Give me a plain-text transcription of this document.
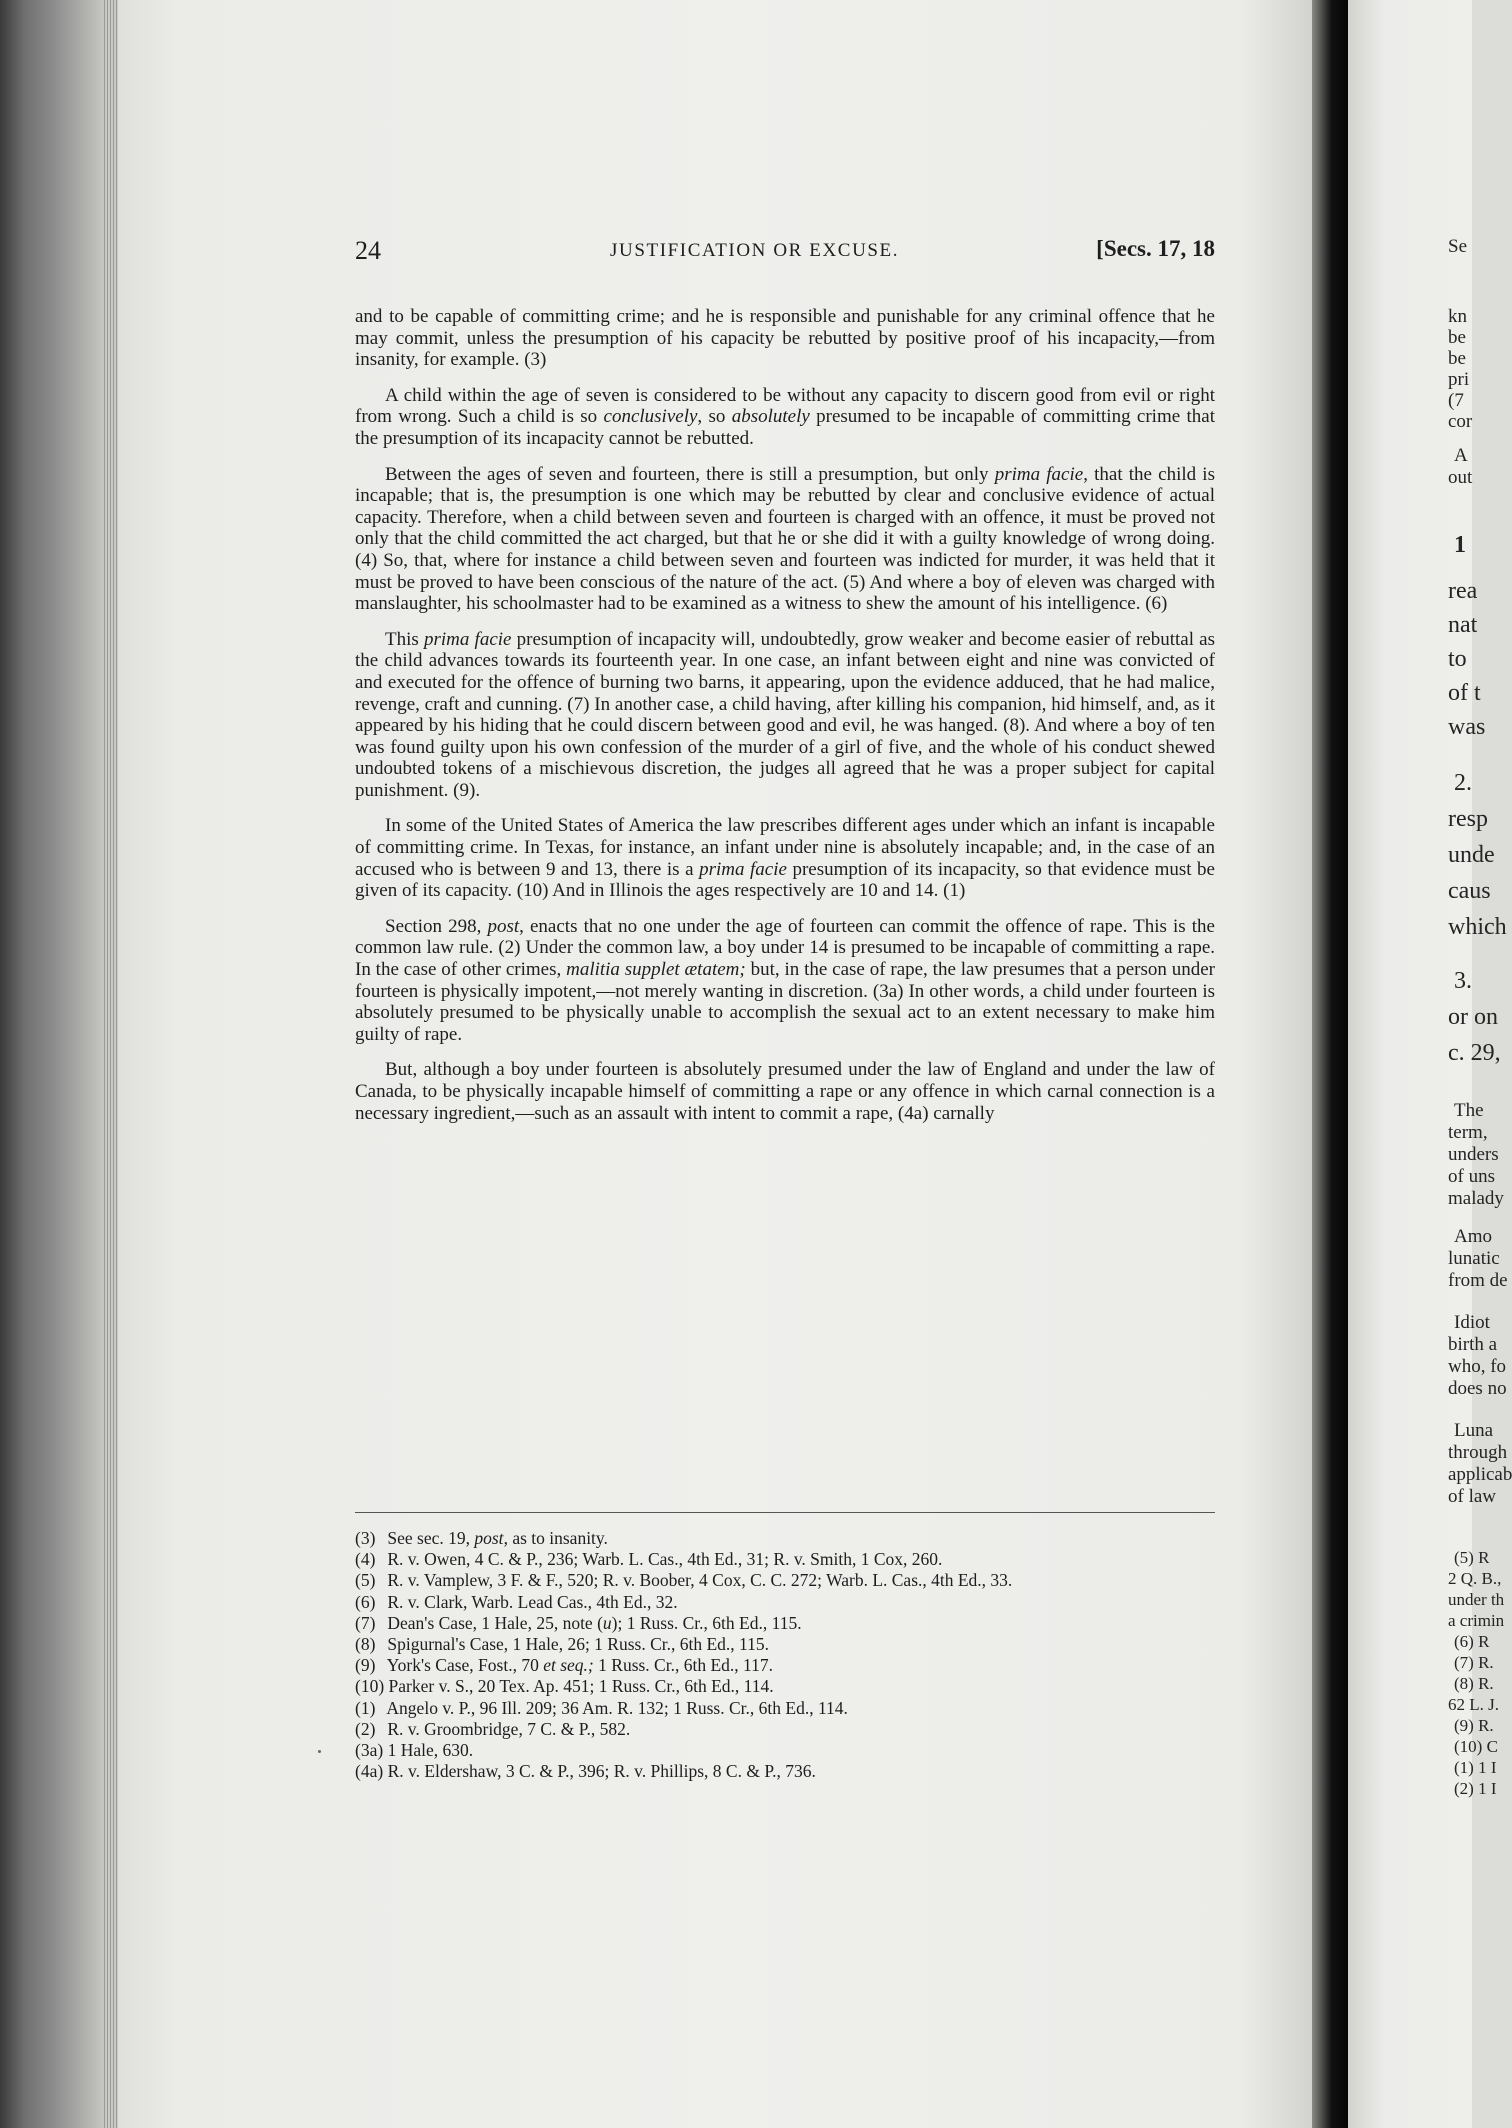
Se
kn
be
be
pri
(7
cor
A
out
1
rea
nat
to
of t
was
2.
resp
unde
caus
which
3.
or on
c. 29,
The
term,
unders
of uns
malady
Amo
lunatic
from de
Idiot
birth a
who, fo
does no
Luna
through
applicab
of law
(5) R
2 Q. B.,
under th
a crimin
(6) R
(7) R.
(8) R.
62 L. J.
(9) R.
(10) C
(1) 1 I
(2) 1 I
24	JUSTIFICATION OR EXCUSE.	[Secs. 17, 18

and to be capable of committing crime; and he is responsible and punishable for any criminal offence that he may commit, unless the presumption of his capacity be rebutted by positive proof of his incapacity,—from insanity, for example. (3)

A child within the age of seven is considered to be without any capacity to discern good from evil or right from wrong. Such a child is so conclusively, so absolutely presumed to be incapable of committing crime that the presumption of its incapacity cannot be rebutted.

Between the ages of seven and fourteen, there is still a presumption, but only prima facie, that the child is incapable; that is, the presumption is one which may be rebutted by clear and conclusive evidence of actual capacity. Therefore, when a child between seven and fourteen is charged with an offence, it must be proved not only that the child committed the act charged, but that he or she did it with a guilty knowledge of wrong doing. (4) So, that, where for instance a child between seven and fourteen was indicted for murder, it was held that it must be proved to have been conscious of the nature of the act. (5) And where a boy of eleven was charged with manslaughter, his schoolmaster had to be examined as a witness to shew the amount of his intelligence. (6)

This prima facie presumption of incapacity will, undoubtedly, grow weaker and become easier of rebuttal as the child advances towards its fourteenth year. In one case, an infant between eight and nine was convicted of and executed for the offence of burning two barns, it appearing, upon the evidence adduced, that he had malice, revenge, craft and cunning. (7) In another case, a child having, after killing his companion, hid himself, and, as it appeared by his hiding that he could discern between good and evil, he was hanged. (8). And where a boy of ten was found guilty upon his own confession of the murder of a girl of five, and the whole of his conduct shewed undoubted tokens of a mischievous discretion, the judges all agreed that he was a proper subject for capital punishment. (9).

In some of the United States of America the law prescribes different ages under which an infant is incapable of committing crime. In Texas, for instance, an infant under nine is absolutely incapable; and, in the case of an accused who is between 9 and 13, there is a prima facie presumption of its incapacity, so that evidence must be given of its capacity. (10) And in Illinois the ages respectively are 10 and 14. (1)

Section 298, post, enacts that no one under the age of fourteen can commit the offence of rape. This is the common law rule. (2) Under the common law, a boy under 14 is presumed to be incapable of committing a rape. In the case of other crimes, malitia supplet ætatem; but, in the case of rape, the law presumes that a person under fourteen is physically impotent,—not merely wanting in discretion. (3a) In other words, a child under fourteen is absolutely presumed to be physically unable to accomplish the sexual act to an extent necessary to make him guilty of rape.

But, although a boy under fourteen is absolutely presumed under the law of England and under the law of Canada, to be physically incapable himself of committing a rape or any offence in which carnal connection is a necessary ingredient,—such as an assault with intent to commit a rape, (4a) carnally

(3) See sec. 19, post, as to insanity.

(4) R. v. Owen, 4 C. & P., 236; Warb. L. Cas., 4th Ed., 31; R. v. Smith, 1 Cox, 260.

(5) R. v. Vamplew, 3 F. & F., 520; R. v. Boober, 4 Cox, C. C. 272; Warb. L. Cas., 4th Ed., 33.

(6) R. v. Clark, Warb. Lead Cas., 4th Ed., 32.

(7) Dean's Case, 1 Hale, 25, note (u); 1 Russ. Cr., 6th Ed., 115.

(8) Spigurnal's Case, 1 Hale, 26; 1 Russ. Cr., 6th Ed., 115.

(9) York's Case, Fost., 70 et seq.; 1 Russ. Cr., 6th Ed., 117.

(10) Parker v. S., 20 Tex. Ap. 451; 1 Russ. Cr., 6th Ed., 114.

(1) Angelo v. P., 96 Ill. 209; 36 Am. R. 132; 1 Russ. Cr., 6th Ed., 114.

(2) R. v. Groombridge, 7 C. & P., 582.

(3a) 1 Hale, 630.

(4a) R. v. Eldershaw, 3 C. & P., 396; R. v. Phillips, 8 C. & P., 736.
